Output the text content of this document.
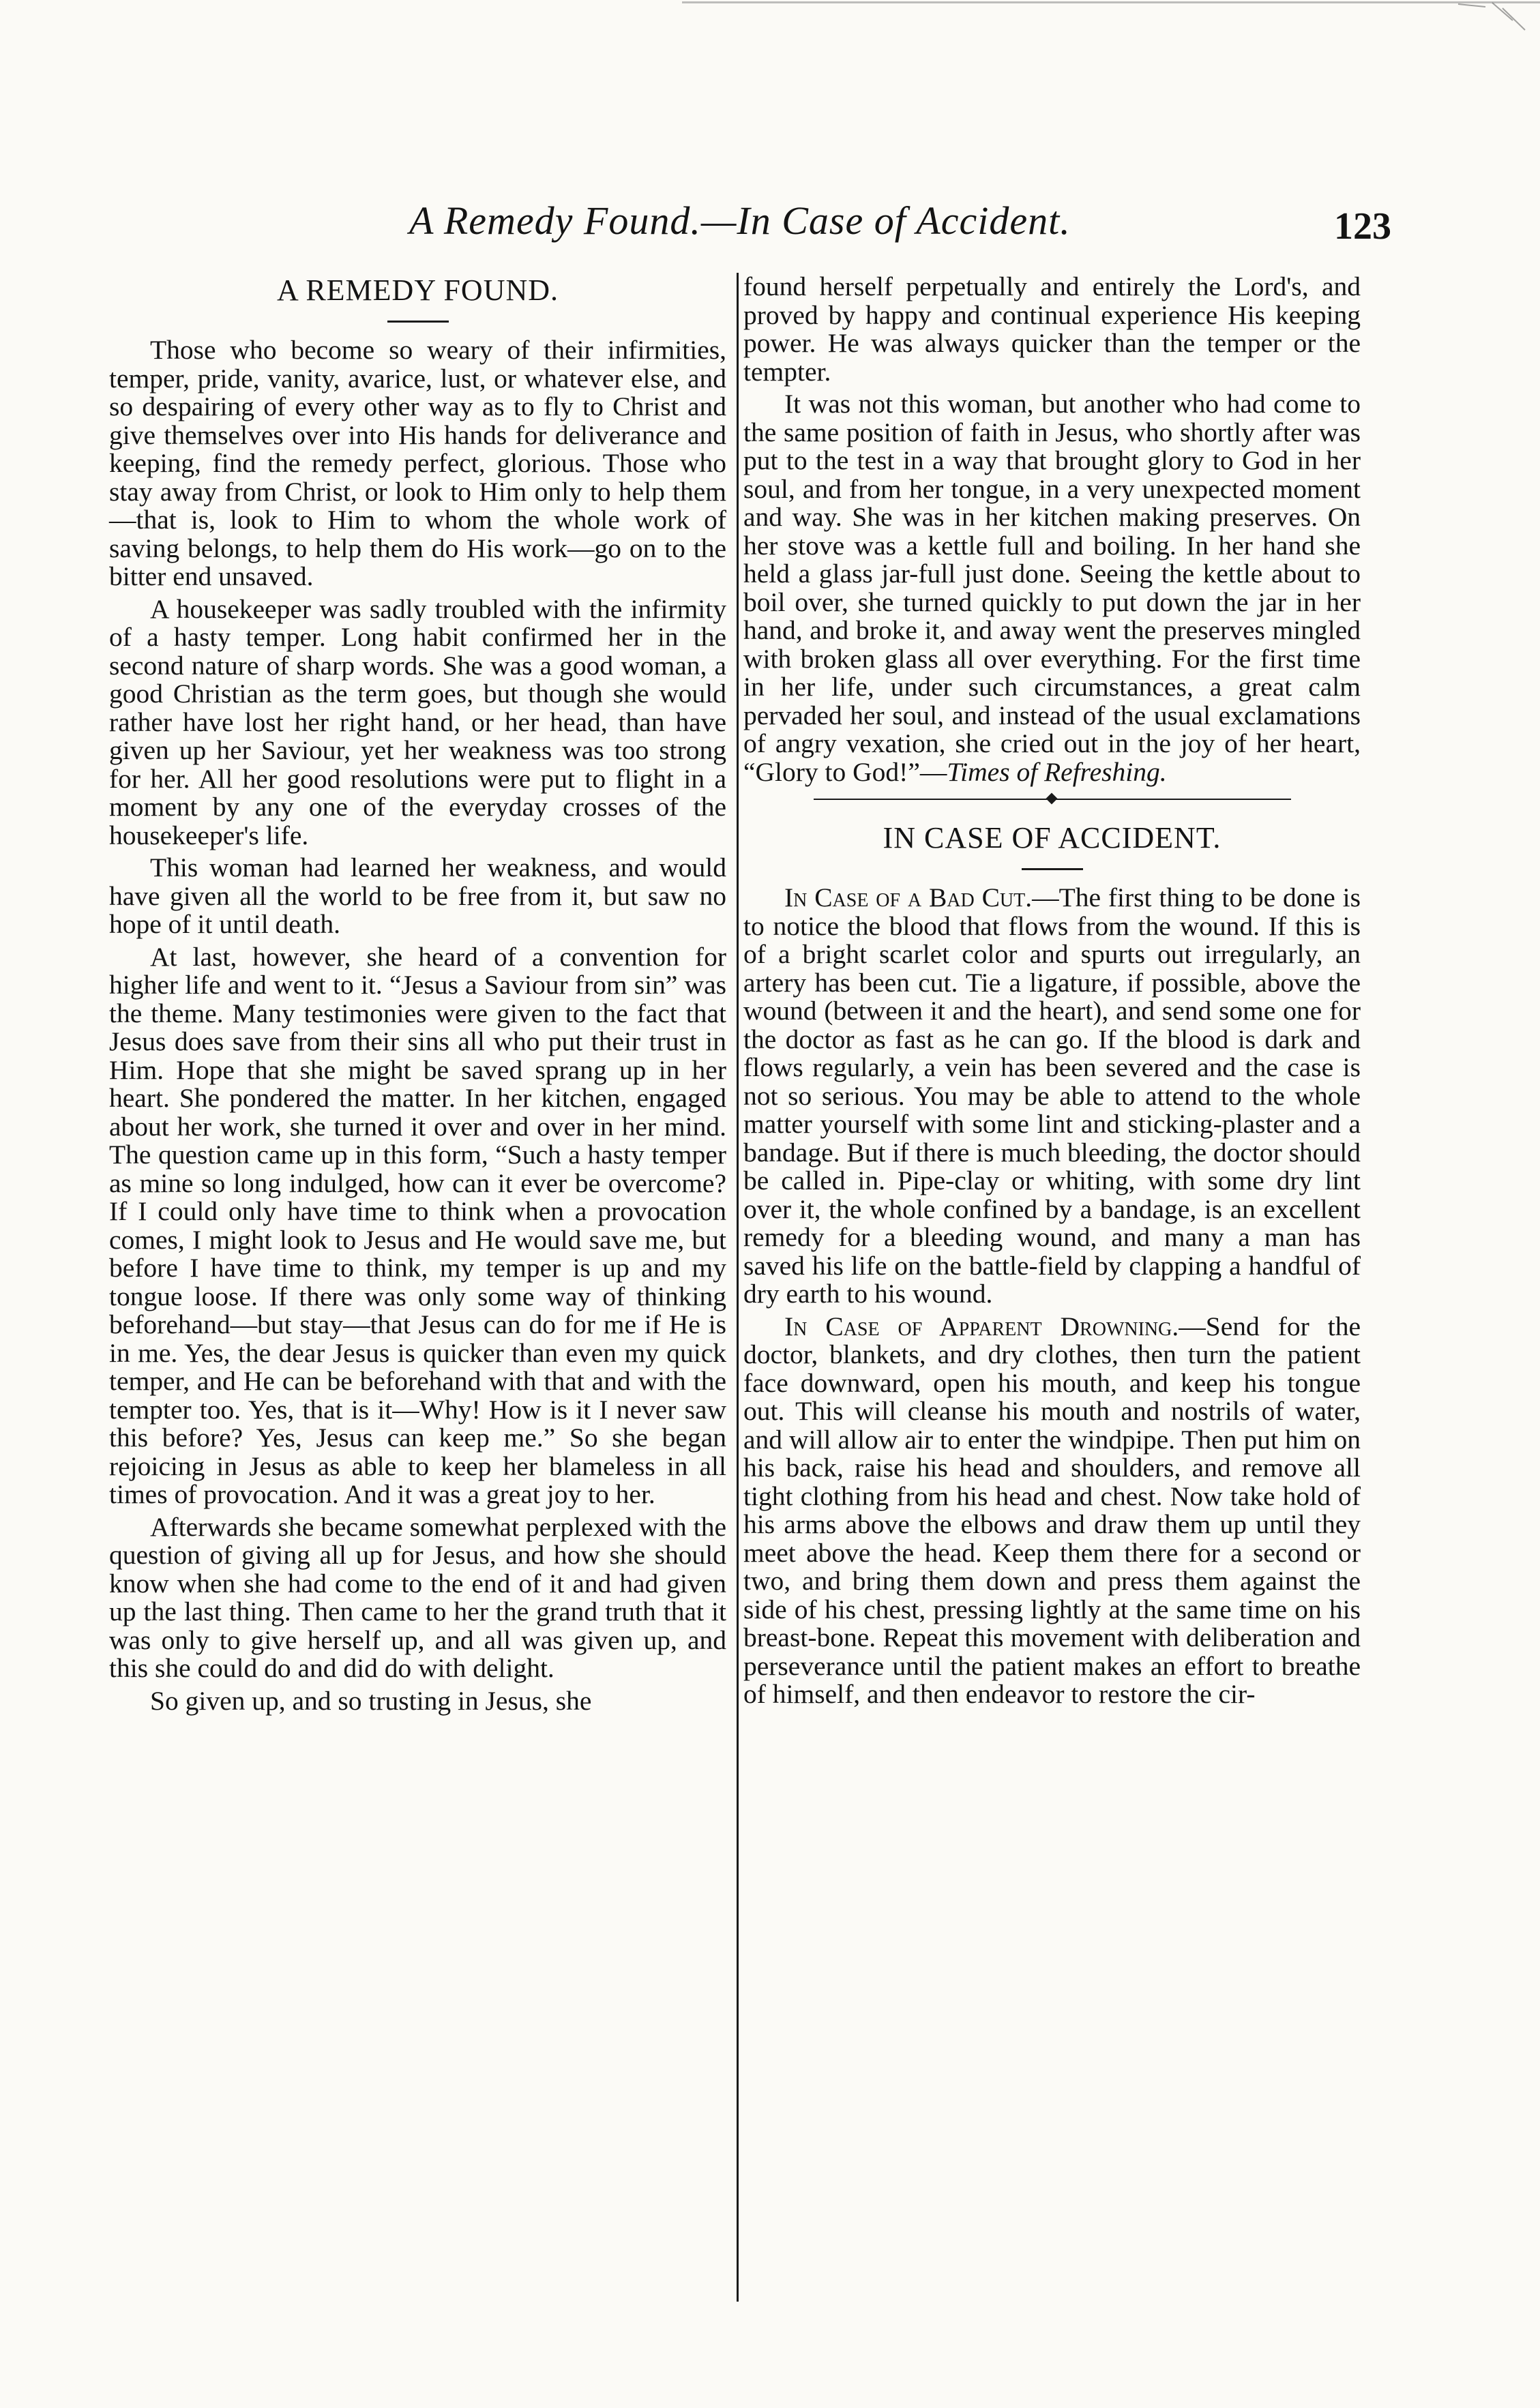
A Remedy Found.—In Case of Accident.	123
A REMEDY FOUND.

Those who become so weary of their infirmities, temper, pride, vanity, avarice, lust, or whatever else, and so despairing of every other way as to fly to Christ and give themselves over into His hands for deliverance and keeping, find the remedy perfect, glorious. Those who stay away from Christ, or look to Him only to help them—that is, look to Him to whom the whole work of saving belongs, to help them do His work—go on to the bitter end unsaved.

A housekeeper was sadly troubled with the infirmity of a hasty temper. Long habit confirmed her in the second nature of sharp words. She was a good woman, a good Christian as the term goes, but though she would rather have lost her right hand, or her head, than have given up her Saviour, yet her weakness was too strong for her. All her good resolutions were put to flight in a moment by any one of the everyday crosses of the housekeeper's life.

This woman had learned her weakness, and would have given all the world to be free from it, but saw no hope of it until death.

At last, however, she heard of a convention for higher life and went to it. “Jesus a Saviour from sin” was the theme. Many testimonies were given to the fact that Jesus does save from their sins all who put their trust in Him. Hope that she might be saved sprang up in her heart. She pondered the matter. In her kitchen, engaged about her work, she turned it over and over in her mind. The question came up in this form, “Such a hasty temper as mine so long indulged, how can it ever be overcome? If I could only have time to think when a provocation comes, I might look to Jesus and He would save me, but before I have time to think, my temper is up and my tongue loose. If there was only some way of thinking beforehand—but stay—that Jesus can do for me if He is in me. Yes, the dear Jesus is quicker than even my quick temper, and He can be beforehand with that and with the tempter too. Yes, that is it—Why! How is it I never saw this before? Yes, Jesus can keep me.” So she began rejoicing in Jesus as able to keep her blameless in all times of provocation. And it was a great joy to her.

Afterwards she became somewhat perplexed with the question of giving all up for Jesus, and how she should know when she had come to the end of it and had given up the last thing. Then came to her the grand truth that it was only to give herself up, and all was given up, and this she could do and did do with delight.

So given up, and so trusting in Jesus, she

found herself perpetually and entirely the Lord's, and proved by happy and continual experience His keeping power. He was always quicker than the temper or the tempter.

It was not this woman, but another who had come to the same position of faith in Jesus, who shortly after was put to the test in a way that brought glory to God in her soul, and from her tongue, in a very unexpected moment and way. She was in her kitchen making preserves. On her stove was a kettle full and boiling. In her hand she held a glass jar-full just done. Seeing the kettle about to boil over, she turned quickly to put down the jar in her hand, and broke it, and away went the preserves mingled with broken glass all over everything. For the first time in her life, under such circumstances, a great calm pervaded her soul, and instead of the usual exclamations of angry vexation, she cried out in the joy of her heart, “Glory to God!”—Times of Refreshing.

IN CASE OF ACCIDENT.

In Case of a Bad Cut.—The first thing to be done is to notice the blood that flows from the wound. If this is of a bright scarlet color and spurts out irregularly, an artery has been cut. Tie a ligature, if possible, above the wound (between it and the heart), and send some one for the doctor as fast as he can go. If the blood is dark and flows regularly, a vein has been severed and the case is not so serious. You may be able to attend to the whole matter yourself with some lint and sticking-plaster and a bandage. But if there is much bleeding, the doctor should be called in. Pipe-clay or whiting, with some dry lint over it, the whole confined by a bandage, is an excellent remedy for a bleeding wound, and many a man has saved his life on the battle-field by clapping a handful of dry earth to his wound.

In Case of Apparent Drowning.—Send for the doctor, blankets, and dry clothes, then turn the patient face downward, open his mouth, and keep his tongue out. This will cleanse his mouth and nostrils of water, and will allow air to enter the windpipe. Then put him on his back, raise his head and shoulders, and remove all tight clothing from his head and chest. Now take hold of his arms above the elbows and draw them up until they meet above the head. Keep them there for a second or two, and bring them down and press them against the side of his chest, pressing lightly at the same time on his breast-bone. Repeat this movement with deliberation and perseverance until the patient makes an effort to breathe of himself, and then endeavor to restore the cir-
